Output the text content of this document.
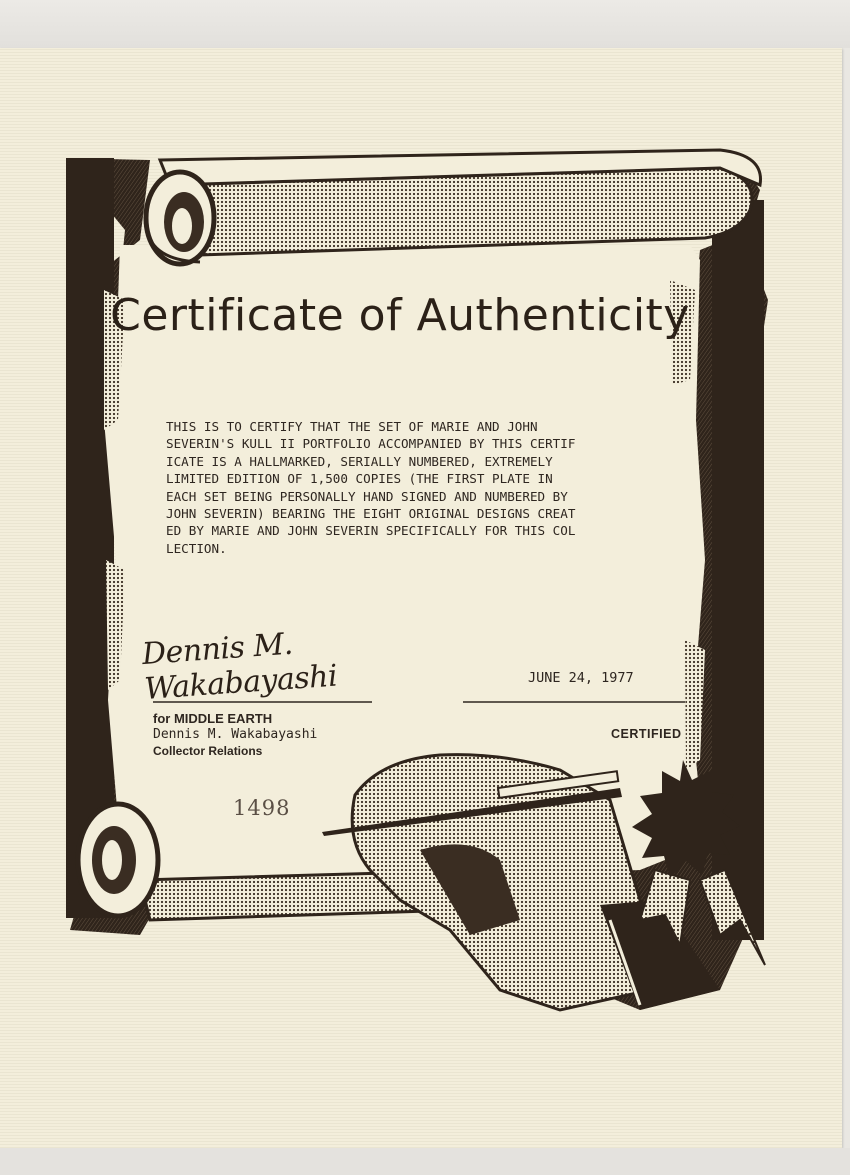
Certificate of Authenticity
THIS IS TO CERTIFY THAT THE SET OF MARIE AND JOHN
SEVERIN'S KULL II PORTFOLIO ACCOMPANIED BY THIS CERTIF
ICATE IS A HALLMARKED, SERIALLY NUMBERED, EXTREMELY
LIMITED EDITION OF 1,500 COPIES (THE FIRST PLATE IN
EACH SET BEING PERSONALLY HAND SIGNED AND NUMBERED BY
JOHN SEVERIN) BEARING THE EIGHT ORIGINAL DESIGNS CREAT
ED BY MARIE AND JOHN SEVERIN SPECIFICALLY FOR THIS COL
LECTION.
Dennis M. Wakabayashi	JUNE 24, 1977
for MIDDLE EARTH
Dennis M. Wakabayashi
Collector Relations
CERTIFIED
1498
